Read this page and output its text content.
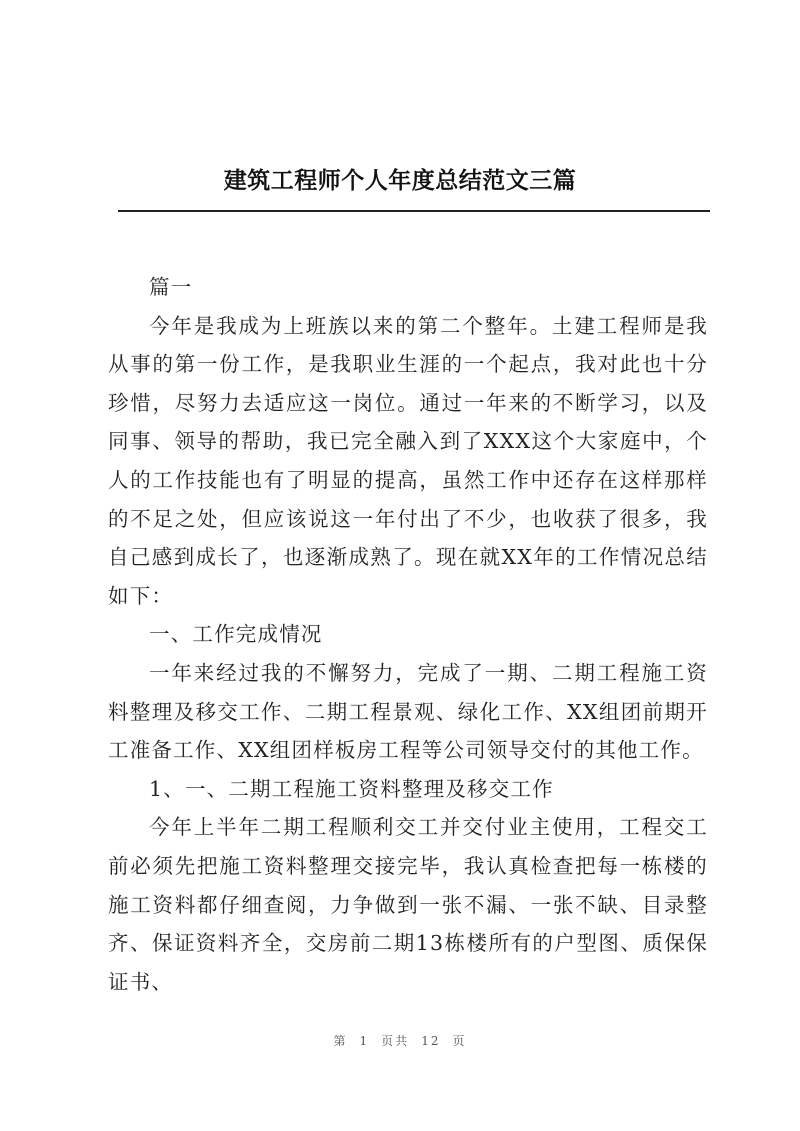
建筑工程师个人年度总结范文三篇

篇一

今年是我成为上班族以来的第二个整年。土建工程师是我从事的第一份工作，是我职业生涯的一个起点，我对此也十分珍惜，尽努力去适应这一岗位。通过一年来的不断学习，以及同事、领导的帮助，我已完全融入到了XXX这个大家庭中，个人的工作技能也有了明显的提高，虽然工作中还存在这样那样的不足之处，但应该说这一年付出了不少，也收获了很多，我自己感到成长了，也逐渐成熟了。现在就XX年的工作情况总结如下：

一、工作完成情况

一年来经过我的不懈努力，完成了一期、二期工程施工资料整理及移交工作、二期工程景观、绿化工作、XX组团前期开工准备工作、XX组团样板房工程等公司领导交付的其他工作。

1、一、二期工程施工资料整理及移交工作

今年上半年二期工程顺利交工并交付业主使用，工程交工前必须先把施工资料整理交接完毕，我认真检查把每一栋楼的施工资料都仔细查阅，力争做到一张不漏、一张不缺、目录整齐、保证资料齐全，交房前二期13栋楼所有的户型图、质保保证书、

第 1 页共 12 页
